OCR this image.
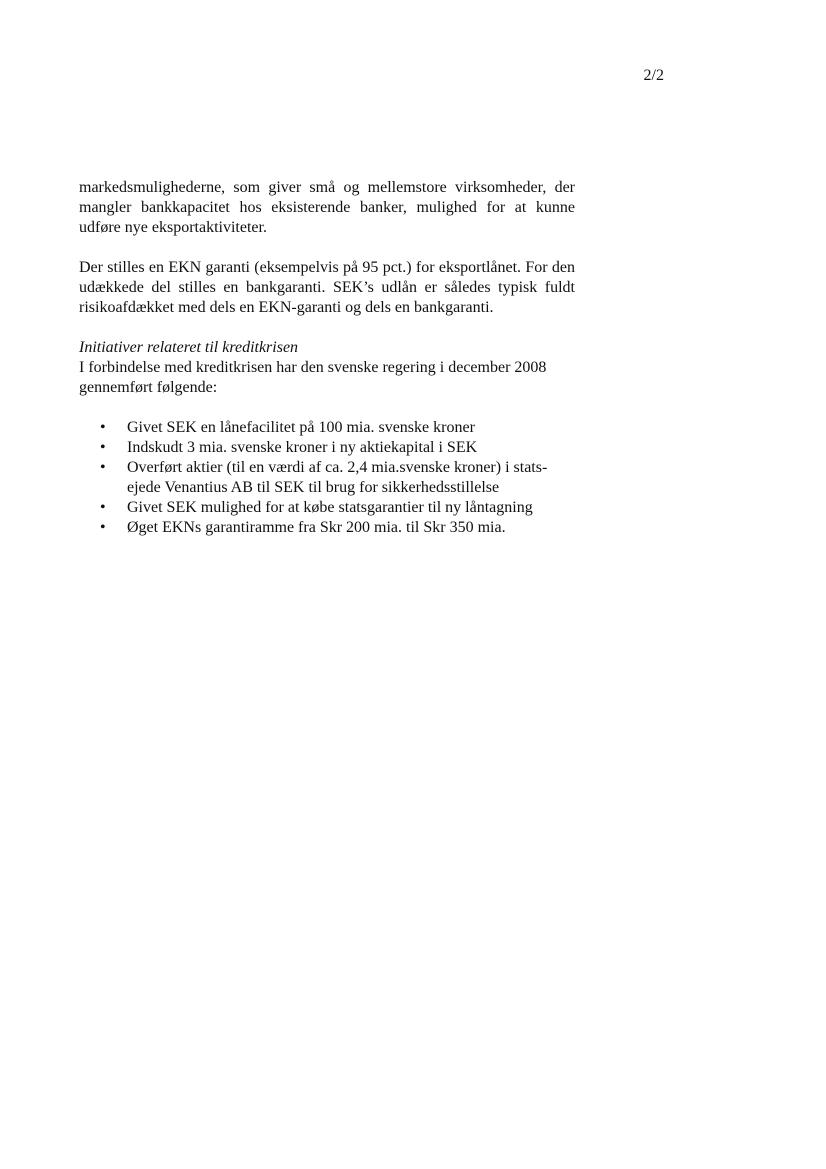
2/2

markedsmulighederne, som giver små og mellemstore virksomheder, der mangler bankkapacitet hos eksisterende banker, mulighed for at kunne udføre nye eksportaktiviteter.

Der stilles en EKN garanti (eksempelvis på 95 pct.) for eksportlånet. For den udækkede del stilles en bankgaranti. SEK’s udlån er således typisk fuldt risikoafdækket med dels en EKN-garanti og dels en bankgaranti.

Initiativer relateret til kreditkrisen

I forbindelse med kreditkrisen har den svenske regering i december 2008 gennemført følgende:

• Givet SEK en lånefacilitet på 100 mia. svenske kroner
• Indskudt 3 mia. svenske kroner i ny aktiekapital i SEK
• Overført aktier (til en værdi af ca. 2,4 mia.svenske kroner) i stats-ejede Venantius AB til SEK til brug for sikkerhedsstillelse
• Givet SEK mulighed for at købe statsgarantier til ny låntagning
• Øget EKNs garantiramme fra Skr 200 mia. til Skr 350 mia.
